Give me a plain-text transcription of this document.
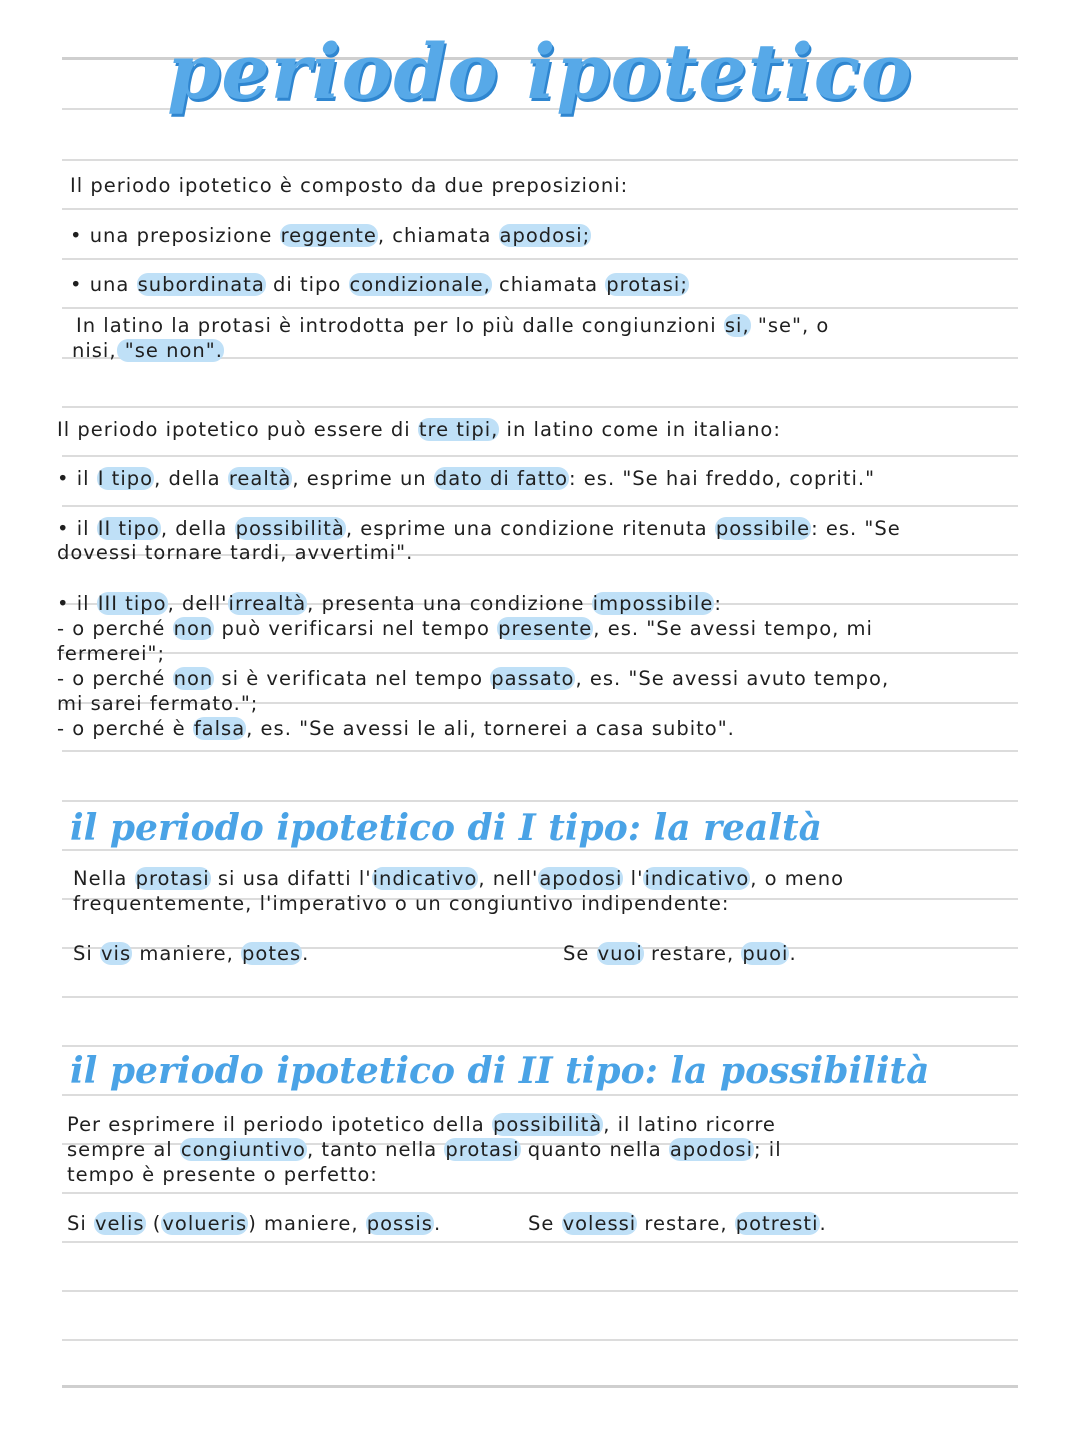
periodo ipotetico
Il periodo ipotetico è composto da due preposizioni:
• una preposizione reggente, chiamata apodosi;
• una subordinata di tipo condizionale, chiamata protasi;
In latino la protasi è introdotta per lo più dalle congiunzioni si, "se", o
nisi, "se non".
Il periodo ipotetico può essere di tre tipi, in latino come in italiano:
• il I tipo, della realtà, esprime un dato di fatto: es. "Se hai freddo, copriti."
• il II tipo, della possibilità, esprime una condizione ritenuta possibile: es. "Se
dovessi tornare tardi, avvertimi".
• il III tipo, dell'irrealtà, presenta una condizione impossibile:
- o perché non può verificarsi nel tempo presente, es. "Se avessi tempo, mi
fermerei";
- o perché non si è verificata nel tempo passato, es. "Se avessi avuto tempo,
mi sarei fermato.";
- o perché è falsa, es. "Se avessi le ali, tornerei a casa subito".
il periodo ipotetico di I tipo: la realtà
Nella protasi si usa difatti l'indicativo, nell'apodosi l'indicativo, o meno
frequentemente, l'imperativo o un congiuntivo indipendente:
Si vis maniere, potes.	Se vuoi restare, puoi.
il periodo ipotetico di II tipo: la possibilità
Per esprimere il periodo ipotetico della possibilità, il latino ricorre
sempre al congiuntivo, tanto nella protasi quanto nella apodosi; il
tempo è presente o perfetto:
Si velis (volueris) maniere, possis.	Se volessi restare, potresti.
